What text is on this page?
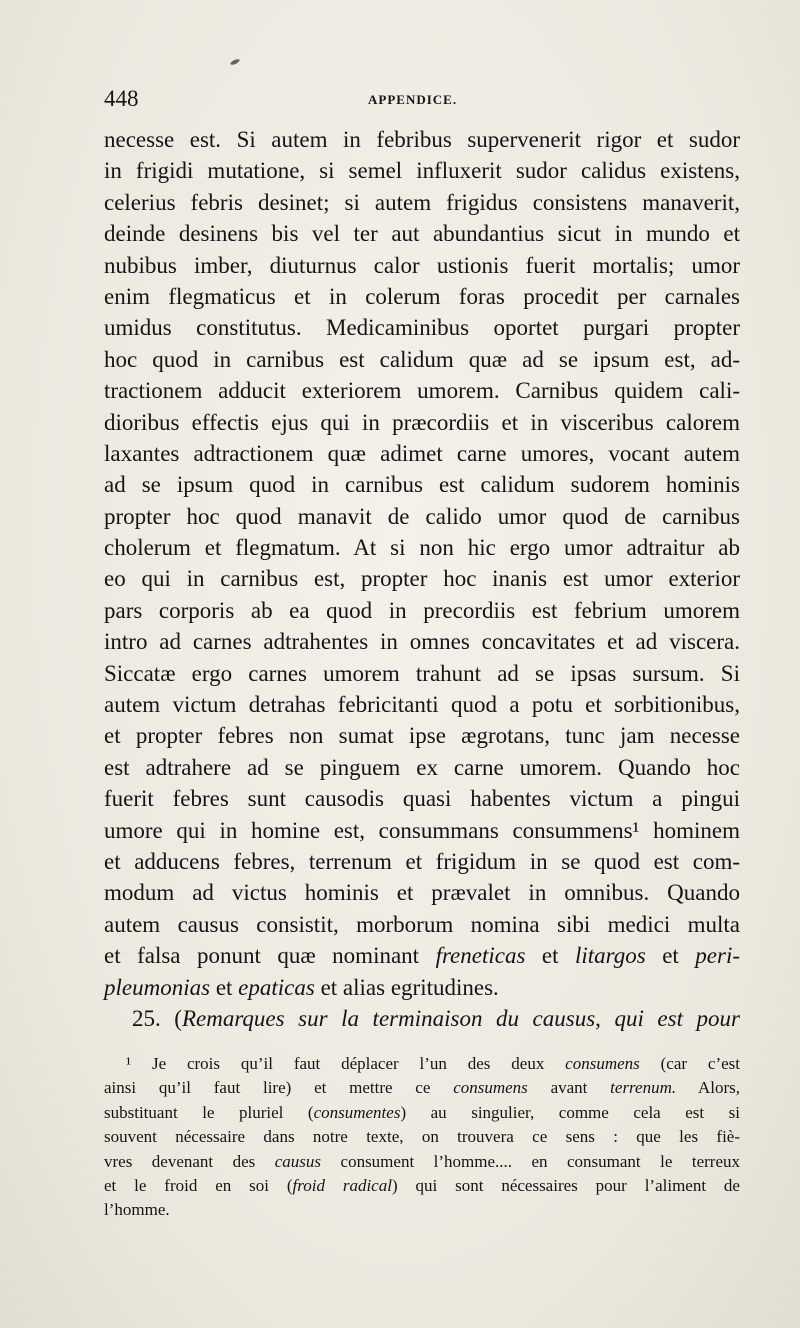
448	APPENDICE.
necesse est. Si autem in febribus supervenerit rigor et sudor
in frigidi mutatione, si semel influxerit sudor calidus existens,
celerius febris desinet; si autem frigidus consistens manaverit,
deinde desinens bis vel ter aut abundantius sicut in mundo et
nubibus imber, diuturnus calor ustionis fuerit mortalis; umor
enim flegmaticus et in colerum foras procedit per carnales
umidus constitutus. Medicaminibus oportet purgari propter
hoc quod in carnibus est calidum quæ ad se ipsum est, ad-
tractionem adducit exteriorem umorem. Carnibus quidem cali-
dioribus effectis ejus qui in præcordiis et in visceribus calorem
laxantes adtractionem quæ adimet carne umores, vocant autem
ad se ipsum quod in carnibus est calidum sudorem hominis
propter hoc quod manavit de calido umor quod de carnibus
cholerum et flegmatum. At si non hic ergo umor adtraitur ab
eo qui in carnibus est, propter hoc inanis est umor exterior
pars corporis ab ea quod in precordiis est febrium umorem
intro ad carnes adtrahentes in omnes concavitates et ad viscera.
Siccatæ ergo carnes umorem trahunt ad se ipsas sursum. Si
autem victum detrahas febricitanti quod a potu et sorbitionibus,
et propter febres non sumat ipse ægrotans, tunc jam necesse
est adtrahere ad se pinguem ex carne umorem. Quando hoc
fuerit febres sunt causodis quasi habentes victum a pingui
umore qui in homine est, consummans consummens¹ hominem
et adducens febres, terrenum et frigidum in se quod est com-
modum ad victus hominis et prævalet in omnibus. Quando
autem causus consistit, morborum nomina sibi medici multa
et falsa ponunt quæ nominant freneticas et litargos et peri-
pleumonias et epaticas et alias egritudines.
25. (Remarques sur la terminaison du causus, qui est pour
¹ Je crois qu’il faut déplacer l’un des deux consumens (car c’est
ainsi qu’il faut lire) et mettre ce consumens avant terrenum. Alors,
substituant le pluriel (consumentes) au singulier, comme cela est si
souvent nécessaire dans notre texte, on trouvera ce sens : que les fiè-
vres devenant des causus consument l’homme.... en consumant le terreux
et le froid en soi (froid radical) qui sont nécessaires pour l’aliment de
l’homme.
